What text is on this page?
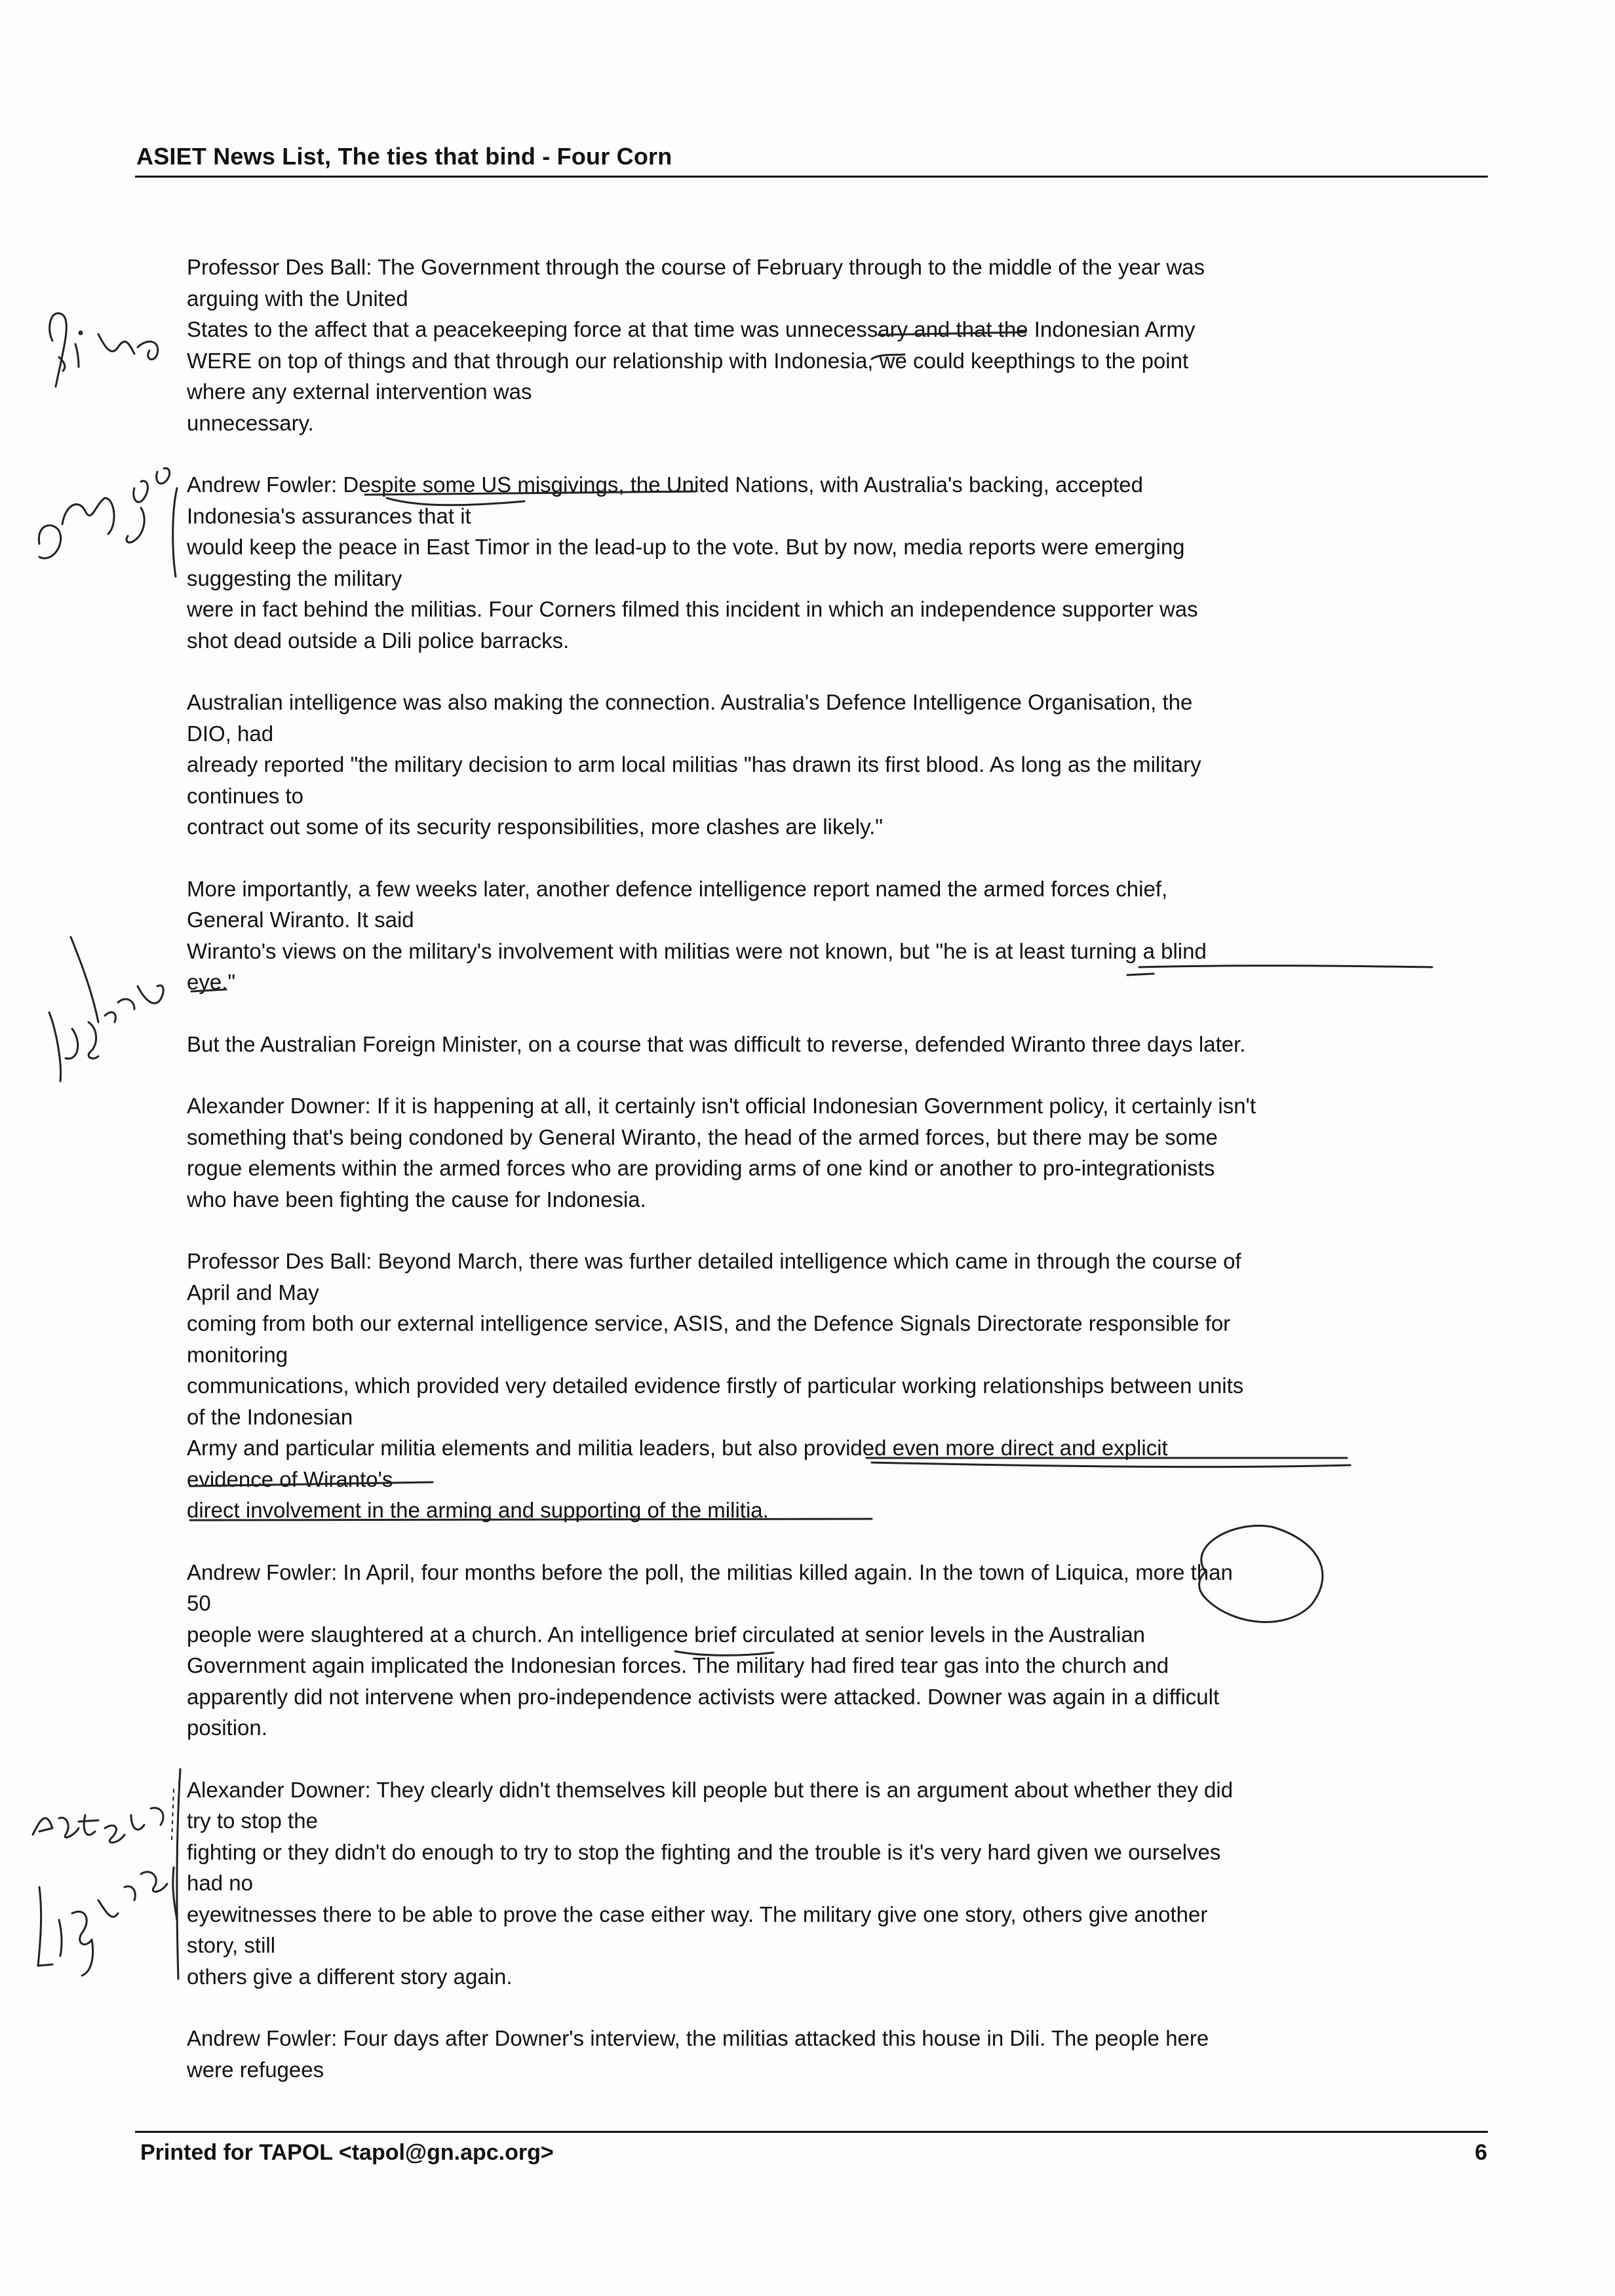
ASIET News List, The ties that bind - Four Corn

Professor Des Ball: The Government through the course of February through to the middle of the year was

arguing with the United

States to the affect that a peacekeeping force at that time was unnecessary and that the Indonesian Army

WERE on top of things and that through our relationship with Indonesia, we could keepthings to the point

where any external intervention was

unnecessary.

Andrew Fowler: Despite some US misgivings, the United Nations, with Australia's backing, accepted

Indonesia's assurances that it

would keep the peace in East Timor in the lead-up to the vote. But by now, media reports were emerging

suggesting the military

were in fact behind the militias. Four Corners filmed this incident in which an independence supporter was

shot dead outside a Dili police barracks.

Australian intelligence was also making the connection. Australia's Defence Intelligence Organisation, the

DIO, had

already reported "the military decision to arm local militias "has drawn its first blood. As long as the military

continues to

contract out some of its security responsibilities, more clashes are likely."

More importantly, a few weeks later, another defence intelligence report named the armed forces chief,

General Wiranto. It said

Wiranto's views on the military's involvement with militias were not known, but "he is at least turning a blind

eye."

But the Australian Foreign Minister, on a course that was difficult to reverse, defended Wiranto three days later.

Alexander Downer: If it is happening at all, it certainly isn't official Indonesian Government policy, it certainly isn't

something that's being condoned by General Wiranto, the head of the armed forces, but there may be some

rogue elements within the armed forces who are providing arms of one kind or another to pro-integrationists

who have been fighting the cause for Indonesia.

Professor Des Ball: Beyond March, there was further detailed intelligence which came in through the course of

April and May

coming from both our external intelligence service, ASIS, and the Defence Signals Directorate responsible for

monitoring

communications, which provided very detailed evidence firstly of particular working relationships between units

of the Indonesian

Army and particular militia elements and militia leaders, but also provided even more direct and explicit

evidence of Wiranto's

direct involvement in the arming and supporting of the militia.

Andrew Fowler: In April, four months before the poll, the militias killed again. In the town of Liquica, more than

50

people were slaughtered at a church. An intelligence brief circulated at senior levels in the Australian

Government again implicated the Indonesian forces. The military had fired tear gas into the church and

apparently did not intervene when pro-independence activists were attacked. Downer was again in a difficult

position.

Alexander Downer: They clearly didn't themselves kill people but there is an argument about whether they did

try to stop the

fighting or they didn't do enough to try to stop the fighting and the trouble is it's very hard given we ourselves

had no

eyewitnesses there to be able to prove the case either way. The military give one story, others give another

story, still

others give a different story again.

Andrew Fowler: Four days after Downer's interview, the militias attacked this house in Dili. The people here

were refugees

Printed for TAPOL <tapol@gn.apc.org>	6
